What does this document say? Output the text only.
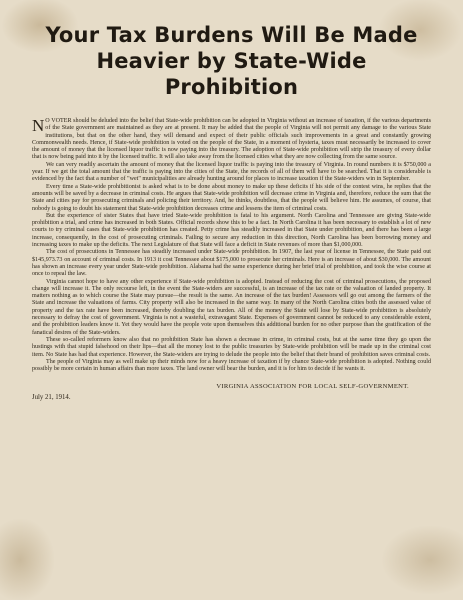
Your Tax Burdens Will Be Made
Heavier by State-Wide
Prohibition

N O VOTER should be deluded into the belief that State-wide prohibition can be adopted in Virginia without an increase of taxation, if the various departments of the State government are maintained as they are at present. It may be added that the people of Virginia will not permit any damage to the various State institutions, but that on the other hand, they will demand and expect of their public officials such improvements in a great and constantly growing Commonwealth needs. Hence, if State-wide prohibition is voted on the people of the State, in a moment of hysteria, taxes must necessarily be increased to cover the amount of money that the licensed liquor traffic is now paying into the treasury. The adoption of State-wide prohibition will strip the treasury of every dollar that is now being paid into it by the licensed traffic. It will also take away from the licensed cities what they are now collecting from the same source.

We can very readily ascertain the amount of money that the licensed liquor traffic is paying into the treasury of Virginia. In round numbers it is $750,000 a year. If we get the total amount that the traffic is paying into the cities of the State, the records of all of them will have to be searched. That it is considerable is evidenced by the fact that a number of "wet" municipalities are already hunting around for places to increase taxation if the State-widers win in September.

Every time a State-wide prohibitionist is asked what is to be done about money to make up these deficits if his side of the contest wins, he replies that the amounts will be saved by a decrease in criminal costs. He argues that State-wide prohibition will decrease crime in Virginia and, therefore, reduce the sum that the State and cities pay for prosecuting criminals and policing their territory. And, he thinks, doubtless, that the people will believe him. He assumes, of course, that nobody is going to doubt his statement that State-wide prohibition decreases crime and lessens the item of criminal costs.

But the experience of sister States that have tried State-wide prohibition is fatal to his argument. North Carolina and Tennessee are giving State-wide prohibition a trial, and crime has increased in both States. Official records show this to be a fact. In North Carolina it has been necessary to establish a lot of new courts to try criminal cases that State-wide prohibition has created. Petty crime has steadily increased in that State under prohibition, and there has been a large increase, consequently, in the cost of prosecuting criminals. Failing to secure any reduction in this direction, North Carolina has been borrowing money and increasing taxes to make up the deficits. The next Legislature of that State will face a deficit in State revenues of more than $1,000,000.

The cost of prosecutions in Tennessee has steadily increased under State-wide prohibition. In 1907, the last year of license in Tennessee, the State paid out $145,973.73 on account of criminal costs. In 1913 it cost Tennessee about $175,000 to prosecute her criminals. Here is an increase of about $30,000. The amount has shown an increase every year under State-wide prohibition. Alabama had the same experience during her brief trial of prohibition, and took the wise course at once to repeal the law.

Virginia cannot hope to have any other experience if State-wide prohibition is adopted. Instead of reducing the cost of criminal prosecutions, the proposed change will increase it. The only recourse left, in the event the State-widers are successful, is an increase of the tax rate or the valuation of landed property. It matters nothing as to which course the State may pursue—the result is the same. An increase of the tax burden! Assessors will go out among the farmers of the State and increase the valuations of farms. City property will also be increased in the same way. In many of the North Carolina cities both the assessed value of property and the tax rate have been increased, thereby doubling the tax burden. All of the money the State will lose by State-wide prohibition is absolutely necessary to defray the cost of government. Virginia is not a wasteful, extravagant State. Expenses of government cannot be reduced to any considerable extent, and the prohibition leaders know it. Yet they would have the people vote upon themselves this additional burden for no other purpose than the gratification of the fanatical desires of the State-widers.

These so-called reformers know also that no prohibition State has shown a decrease in crime, in criminal costs, but at the same time they go upon the hustings with that stupid falsehood on their lips—that all the money lost to the public treasuries by State-wide prohibition will be made up in the criminal cost item. No State has had that experience. However, the State-widers are trying to delude the people into the belief that their brand of prohibition saves criminal costs.

The people of Virginia may as well make up their minds now for a heavy increase of taxation if by chance State-wide prohibition is adopted. Nothing could possibly be more certain in human affairs than more taxes. The land owner will bear the burden, and it is for him to decide if he wants it.

VIRGINIA ASSOCIATION FOR LOCAL SELF-GOVERNMENT.
July 21, 1914.
